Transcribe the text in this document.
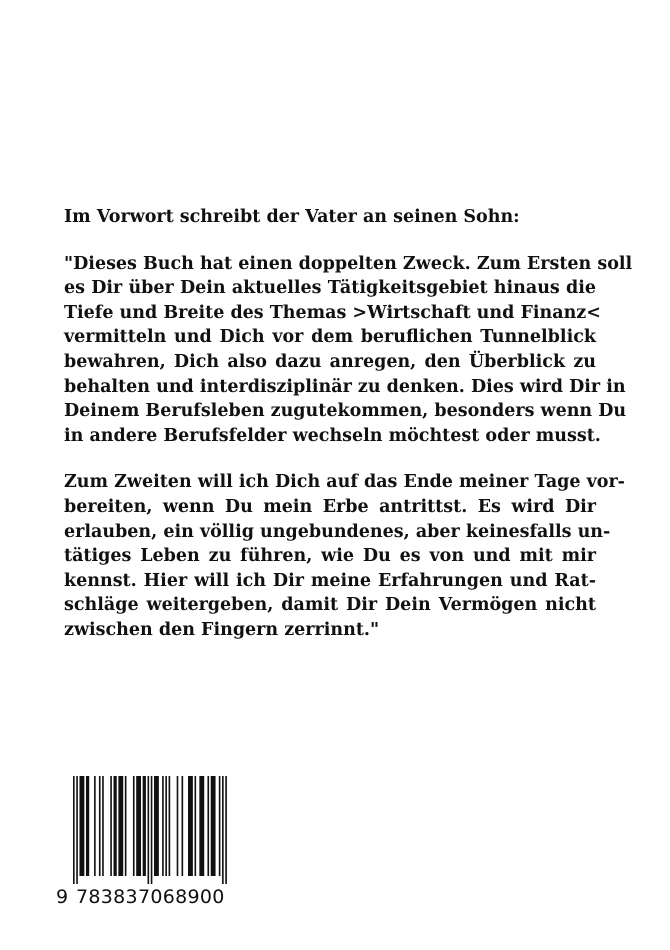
Im Vorwort schreibt der Vater an seinen Sohn:
"Dieses Buch hat einen doppelten Zweck. Zum Ersten soll
es Dir über Dein aktuelles Tätigkeitsgebiet hinaus die
Tiefe und Breite des Themas >Wirtschaft und Finanz<
vermitteln und Dich vor dem beruflichen Tunnelblick
bewahren, Dich also dazu anregen, den Überblick zu
behalten und interdisziplinär zu denken. Dies wird Dir in
Deinem Berufsleben zugutekommen, besonders wenn Du
in andere Berufsfelder wechseln möchtest oder musst.
Zum Zweiten will ich Dich auf das Ende meiner Tage vor-
bereiten, wenn Du mein Erbe antrittst. Es wird Dir
erlauben, ein völlig ungebundenes, aber keinesfalls un-
tätiges Leben zu führen, wie Du es von und mit mir
kennst. Hier will ich Dir meine Erfahrungen und Rat-
schläge weitergeben, damit Dir Dein Vermögen nicht
zwischen den Fingern zerrinnt."
9 783837068900
